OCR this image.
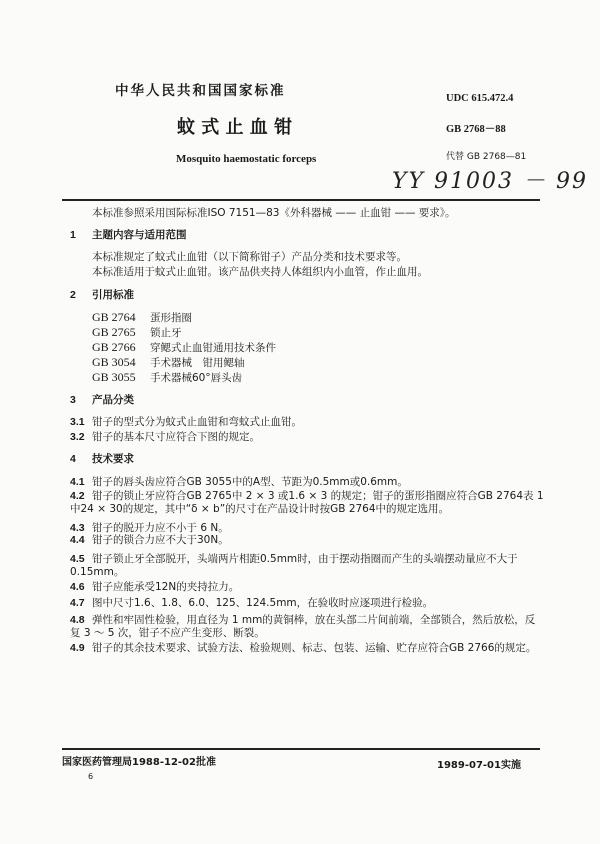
中华人民共和国国家标准	UDC 615.472.4
蚊 式 止 血 钳	GB 2768－88
Mosquito haemostatic forceps	代替 GB 2768—81
YY 91003 － 99
本标准参照采用国际标准ISO 7151—83《外科器械 —— 止血钳 —— 要求》。
1 主题内容与适用范围
本标准规定了蚊式止血钳（以下简称钳子）产品分类和技术要求等。
本标准适用于蚊式止血钳。该产品供夹持人体组织内小血管，作止血用。
2 引用标准
GB 2764 蛋形指圈
GB 2765 锁止牙
GB 2766 穿鳃式止血钳通用技术条件
GB 3054 手术器械　钳用鳃轴
GB 3055 手术器械60°唇头齿
3 产品分类
3.1 钳子的型式分为蚊式止血钳和弯蚊式止血钳。
3.2 钳子的基本尺寸应符合下图的规定。
4 技术要求
4.1 钳子的唇头齿应符合GB 3055中的A型、节距为0.5mm或0.6mm。
4.2 钳子的锁止牙应符合GB 2765中 2 × 3 或1.6 × 3 的规定；钳子的蛋形指圈应符合GB 2764表 1
中24 × 30的规定，其中“δ × b”的尺寸在产品设计时按GB 2764中的规定选用。
4.3 钳子的脱开力应不小于 6 N。
4.4 钳子的锁合力应不大于30N。
4.5 钳子锁止牙全部脱开，头端两片相距0.5mm时，由于摆动指圈而产生的头端摆动量应不大于
0.15mm。
4.6 钳子应能承受12N的夹持拉力。
4.7 图中尺寸1.6、1.8、6.0、125、124.5mm，在验收时应逐项进行检验。
4.8 弹性和牢固性检验，用直径为 1 mm的黄铜棒，放在头部二片间前端，全部锁合，然后放松，反
复 3 ～ 5 次，钳子不应产生变形、断裂。
4.9 钳子的其余技术要求、试验方法、检验规则、标志、包装、运输、贮存应符合GB 2766的规定。
国家医药管理局1988-12-02批准	1989-07-01实施
6
